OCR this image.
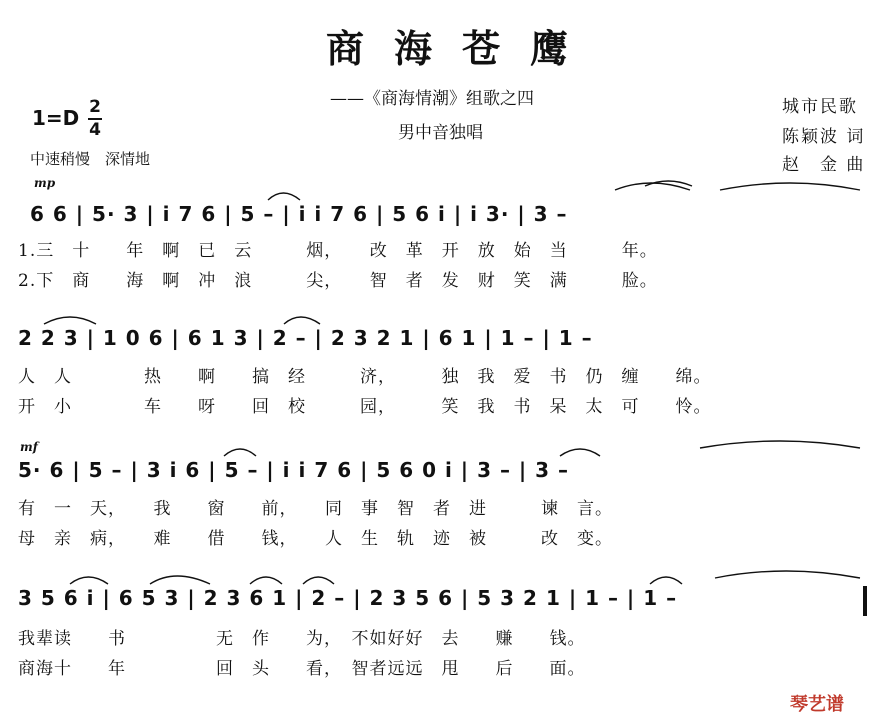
商海苍鹰
——《商海情潮》组歌之四
男中音独唱
1=D 2
4
中速稍慢　深情地
城市民歌
陈颖波 词
赵　金 曲
mp
6 6 | 5· 3 | i 7 6 | 5 – | i i 7 6 | 5 6 i | i 3· | 3 –
1.三　十　　年　啊　已　云　　　烟，　　改　革　开　放　始　当　　　年。
2.下　商　　海　啊　冲　浪　　　尖，　　智　者　发　财　笑　满　　　脸。
2 2 3 | 1 0 6 | 6 1 3 | 2 – | 2 3 2 1 | 6 1 | 1 – | 1 –
人　人　　　　热　　啊　　搞　经　　　济，　　　独　我　爱　书　仍　缠　　绵。
开　小　　　　车　　呀　　回　校　　　园，　　　笑　我　书　呆　太　可　　怜。
mf
5· 6 | 5 – | 3 i 6 | 5 – | i i 7 6 | 5 6 0 i | 3 – | 3 –
有　一　天，　　我　　窗　　前，　　同　事　智　者　进　　　谏　言。
母　亲　病，　　难　　借　　钱，　　人　生　轨　迹　被　　　改　变。
3 5 6 i | 6 5 3 | 2 3 6 1 | 2 – | 2 3 5 6 | 5 3 2 1 | 1 – | 1 –
我辈读　　书　　　　　无　作　　为，　不如好好　去　　赚　　钱。
商海十　　年　　　　　回　头　　看，　智者远远　甩　　后　　面。
琴艺谱
